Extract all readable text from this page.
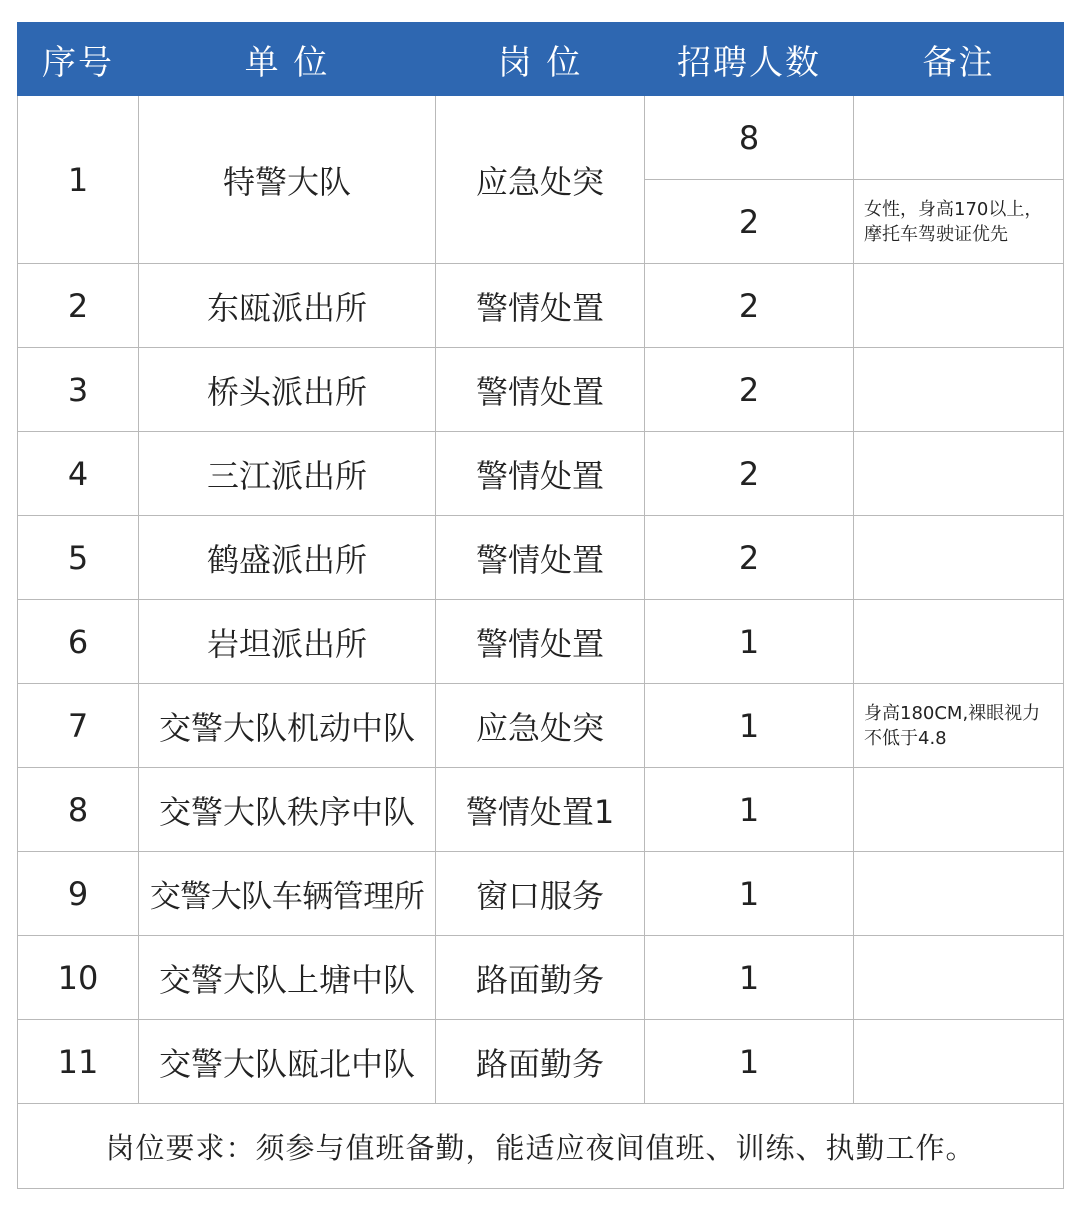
序号	单 位	岗 位	招聘人数	备注
1	特警大队	应急处突	8	
			2	女性，身高170以上，摩托车驾驶证优先
2	东瓯派出所	警情处置	2	
3	桥头派出所	警情处置	2	
4	三江派出所	警情处置	2	
5	鹤盛派出所	警情处置	2	
6	岩坦派出所	警情处置	1	
7	交警大队机动中队	应急处突	1	身高180CM,裸眼视力不低于4.8
8	交警大队秩序中队	警情处置1	1	
9	交警大队车辆管理所	窗口服务	1	
10	交警大队上塘中队	路面勤务	1	
11	交警大队瓯北中队	路面勤务	1	
岗位要求：须参与值班备勤，能适应夜间值班、训练、执勤工作。				
